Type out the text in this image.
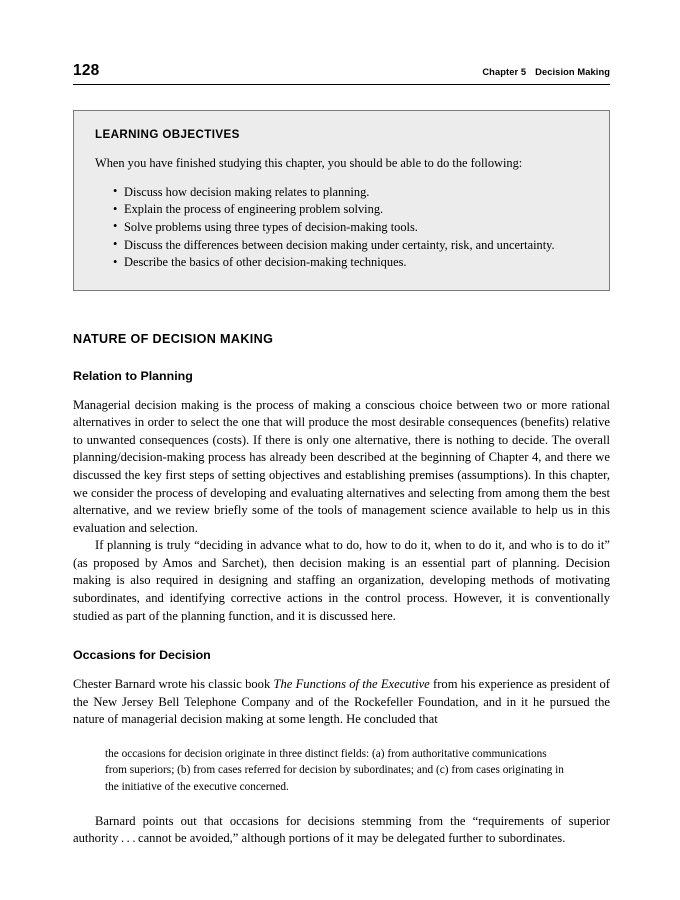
128	Chapter 5 Decision Making
LEARNING OBJECTIVES

When you have finished studying this chapter, you should be able to do the following:

• Discuss how decision making relates to planning.
• Explain the process of engineering problem solving.
• Solve problems using three types of decision-making tools.
• Discuss the differences between decision making under certainty, risk, and uncertainty.
• Describe the basics of other decision-making techniques.
NATURE OF DECISION MAKING
Relation to Planning

Managerial decision making is the process of making a conscious choice between two or more rational alternatives in order to select the one that will produce the most desirable consequences (benefits) relative to unwanted consequences (costs). If there is only one alternative, there is nothing to decide. The overall planning/decision-making process has already been described at the beginning of Chapter 4, and there we discussed the key first steps of setting objectives and establishing premises (assumptions). In this chapter, we consider the process of developing and evaluating alternatives and selecting from among them the best alternative, and we review briefly some of the tools of management science available to help us in this evaluation and selection.

If planning is truly “deciding in advance what to do, how to do it, when to do it, and who is to do it” (as proposed by Amos and Sarchet), then decision making is an essential part of planning. Decision making is also required in designing and staffing an organization, developing methods of motivating subordinates, and identifying corrective actions in the control process. However, it is conventionally studied as part of the planning function, and it is discussed here.

Occasions for Decision

Chester Barnard wrote his classic book The Functions of the Executive from his experience as president of the New Jersey Bell Telephone Company and of the Rockefeller Foundation, and in it he pursued the nature of managerial decision making at some length. He concluded that

the occasions for decision originate in three distinct fields: (a) from authoritative communications from superiors; (b) from cases referred for decision by subordinates; and (c) from cases originating in the initiative of the executive concerned.

Barnard points out that occasions for decisions stemming from the “requirements of superior authority . . . cannot be avoided,” although portions of it may be delegated further to subordinates.
